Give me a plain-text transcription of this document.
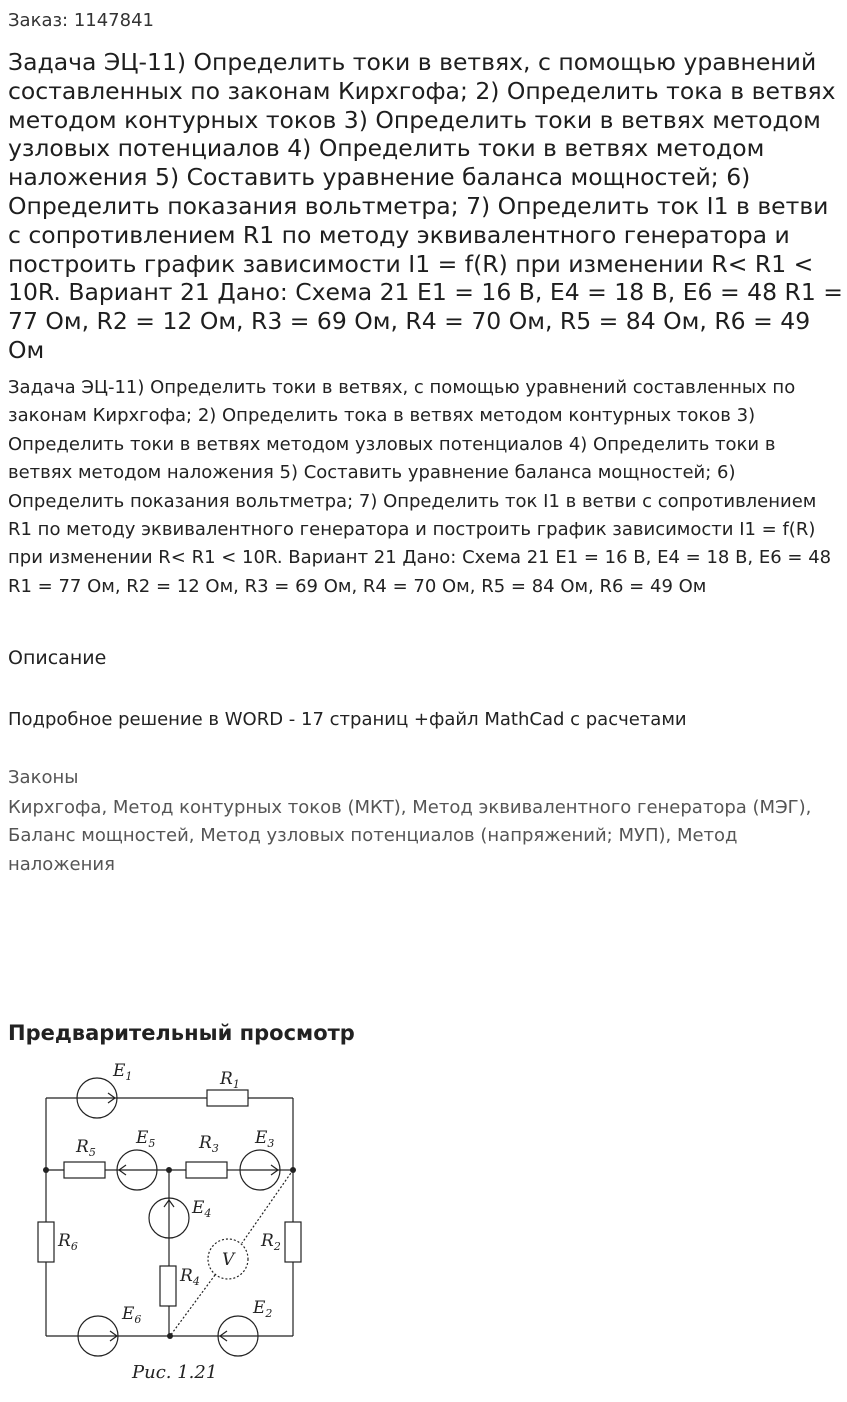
Заказ: 1147841
Задача ЭЦ-11) Определить токи в ветвях, с помощью уравнений составленных по законам Кирхгофа; 2) Определить тока в ветвях методом контурных токов 3) Определить токи в ветвях методом узловых потенциалов 4) Определить токи в ветвях методом наложения 5) Составить уравнение баланса мощностей; 6) Определить показания вольтметра; 7) Определить ток I1 в ветви с сопротивлением R1 по методу эквивалентного генератора и построить график зависимости I1 = f(R) при изменении R< R1 < 10R. Вариант 21 Дано: Схема 21 E1 = 16 В, E4 = 18 В, E6 = 48 R1 = 77 Ом, R2 = 12 Ом, R3 = 69 Ом, R4 = 70 Ом, R5 = 84 Ом, R6 = 49 Ом

Задача ЭЦ-11) Определить токи в ветвях, с помощью уравнений составленных по законам Кирхгофа; 2) Определить тока в ветвях методом контурных токов 3) Определить токи в ветвях методом узловых потенциалов 4) Определить токи в ветвях методом наложения 5) Составить уравнение баланса мощностей; 6) Определить показания вольтметра; 7) Определить ток I1 в ветви с сопротивлением R1 по методу эквивалентного генератора и построить график зависимости I1 = f(R) при изменении R< R1 < 10R. Вариант 21 Дано: Схема 21 E1 = 16 В, E4 = 18 В, E6 = 48 R1 = 77 Ом, R2 = 12 Ом, R3 = 69 Ом, R4 = 70 Ом, R5 = 84 Ом, R6 = 49 Ом

Описание
Подробное решение в WORD - 17 страниц +файл MathCad с расчетами
Законы

Кирхгофа, Метод контурных токов (МКТ), Метод эквивалентного генератора (МЭГ), Баланс мощностей, Метод узловых потенциалов (напряжений; МУП), Метод наложения

Предварительный просмотр
$E_1$	$R_1$
$R_5$
$E_5$	$R_3$
$E_3$
$E_4$
$R_6$	$R_2$
V
$R_4$
$E_6$
$E_2$
Рис. 1.21
